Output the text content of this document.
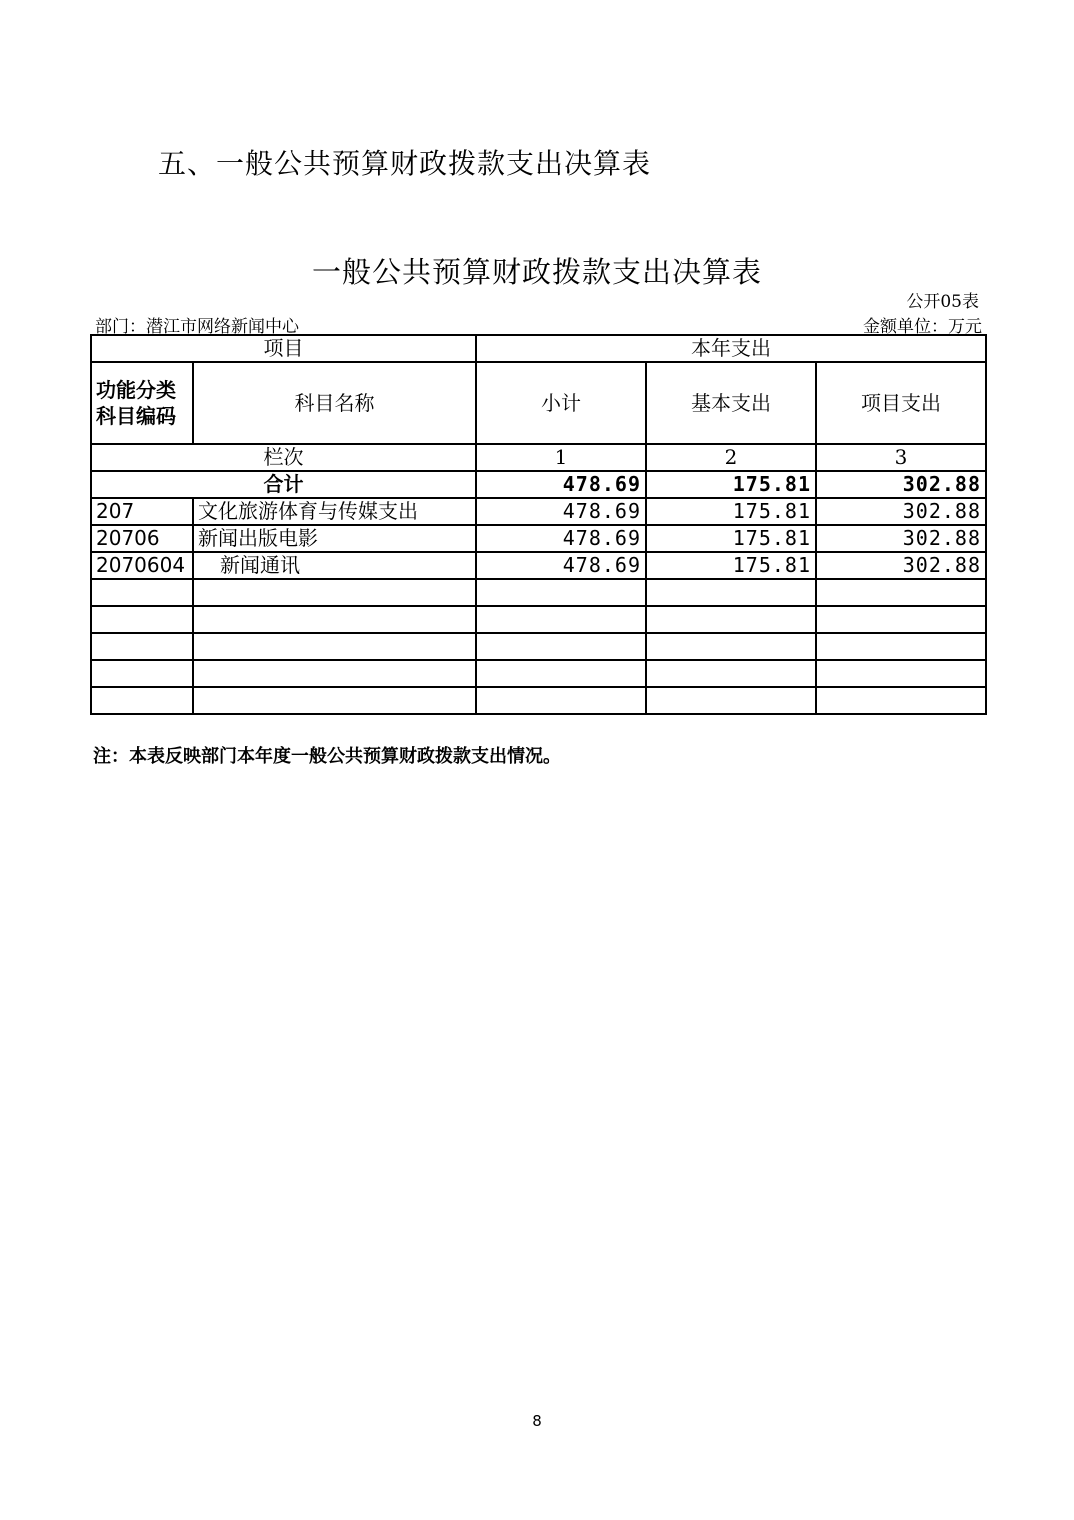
五、一般公共预算财政拨款支出决算表
一般公共预算财政拨款支出决算表
公开05表
部门：潜江市网络新闻中心	金额单位：万元
项目		本年支出		

功能分类
科目编码	科目名称	小计	基本支出	项目支出
栏次		1	2	3
合计		478.69	175.81	302.88
207	文化旅游体育与传媒支出	478.69	175.81	302.88
20706	新闻出版电影	478.69	175.81	302.88
2070604	新闻通讯	478.69	175.81	302.88

注：本表反映部门本年度一般公共预算财政拨款支出情况。
8
